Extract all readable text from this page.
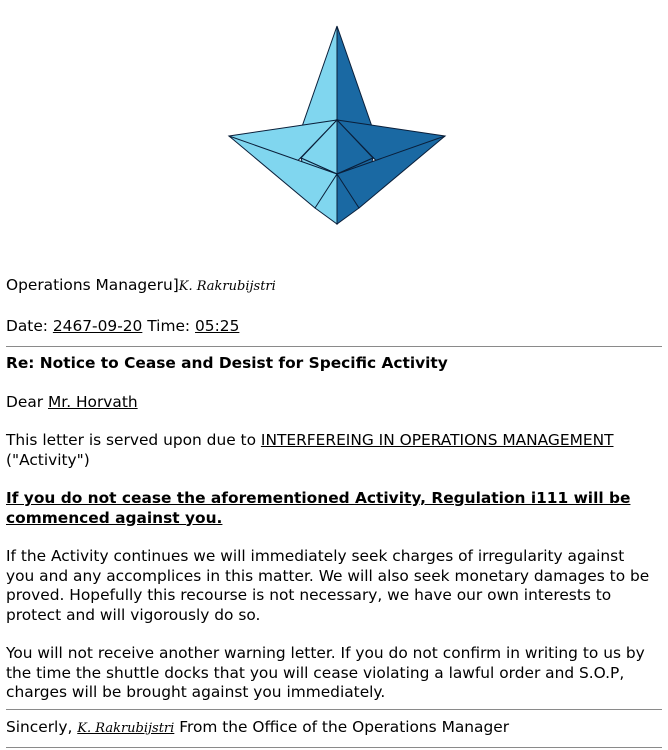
Operations Manageru]K. Rakrubijstri

Date: 2467-09-20 Time: 05:25

Re: Notice to Cease and Desist for Specific Activity

Dear Mr. Horvath

This letter is served upon due to INTERFEREING IN OPERATIONS MANAGEMENT

("Activity")

If you do not cease the aforementioned Activity, Regulation i111 will be

commenced against you.

If the Activity continues we will immediately seek charges of irregularity against

you and any accomplices in this matter. We will also seek monetary damages to be

proved. Hopefully this recourse is not necessary, we have our own interests to

protect and will vigorously do so.

You will not receive another warning letter. If you do not confirm in writing to us by

the time the shuttle docks that you will cease violating a lawful order and S.O.P,

charges will be brought against you immediately.

Sincerly, K. Rakrubijstri From the Office of the Operations Manager
